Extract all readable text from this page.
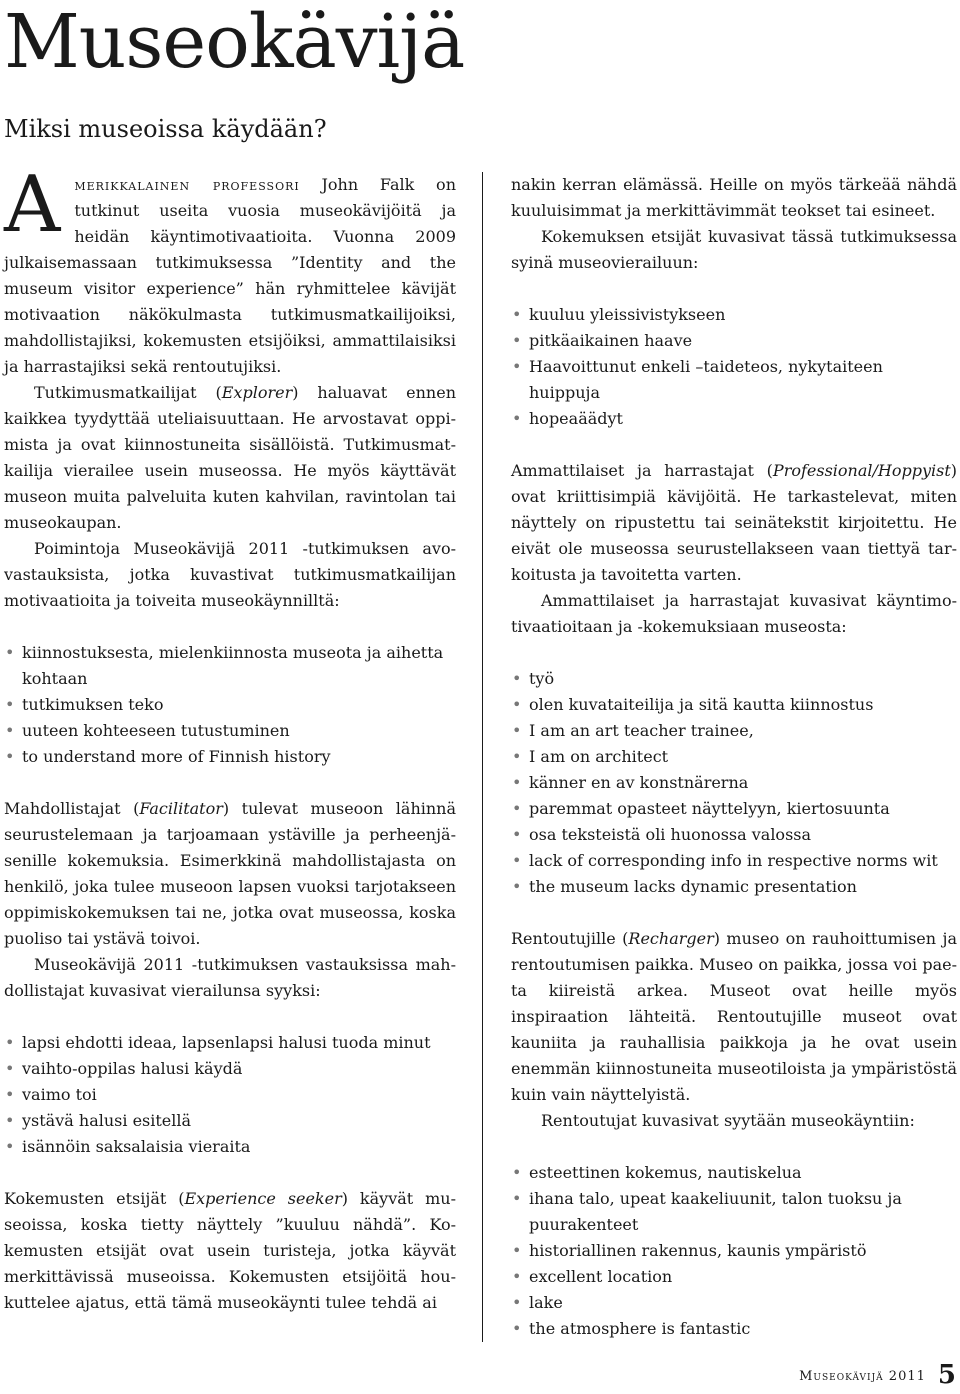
Museokävijä
Miksi museoissa käydään?

Amerikkalainen professori John Falk on tutkinut useita vuosia museokävijöitä ja heidän käyntimotivaatioita. Vuonna 2009 julkaisemassaan tutkimuksessa ”Identity and the museum visitor experience” hän ryhmittelee kävijät motivaation näkökulmasta tutkimusmatkailijoiksi, mahdollistajiksi, kokemusten etsijöiksi, ammattilaisiksi ja harrastajiksi sekä rentoutujiksi.

Tutkimusmatkailijat (Explorer) haluavat ennen kaikkea tyydyttää uteliaisuuttaan. He arvostavat oppimista ja ovat kiinnostuneita sisällöistä. Tutkimusmatkailija vierailee usein museossa. He myös käyttävät museon muita palveluita kuten kahvilan, ravintolan tai museokaupan.

Poimintoja Museokävijä 2011 -tutkimuksen avovastauksista, jotka kuvastivat tutkimusmatkailijan motivaatioita ja toiveita museokäynnilltä:

• kiinnostuksesta, mielenkiinnosta museota ja aihetta kohtaan
• tutkimuksen teko
• uuteen kohteeseen tutustuminen
• to understand more of Finnish history

Mahdollistajat (Facilitator) tulevat museoon lähinnä seurustelemaan ja tarjoamaan ystäville ja perheenjäsenille kokemuksia. Esimerkkinä mahdollistajasta on henkilö, joka tulee museoon lapsen vuoksi tarjotakseen oppimiskokemuksen tai ne, jotka ovat museossa, koska puoliso tai ystävä toivoi.

Museokävijä 2011 -tutkimuksen vastauksissa mahdollistajat kuvasivat vierailunsa syyksi:

• lapsi ehdotti ideaa, lapsenlapsi halusi tuoda minut
• vaihto-oppilas halusi käydä
• vaimo toi
• ystävä halusi esitellä
• isännöin saksalaisia vieraita

Kokemusten etsijät (Experience seeker) käyvät museoissa, koska tietty näyttely ”kuuluu nähdä”. Kokemusten etsijät ovat usein turisteja, jotka käyvät merkittävissä museoissa. Kokemusten etsijöitä houkuttelee ajatus, että tämä museokäynti tulee tehdä ai

nakin kerran elämässä. Heille on myös tärkeää nähdä kuuluisimmat ja merkittävimmät teokset tai esineet.

Kokemuksen etsijät kuvasivat tässä tutkimuksessa syinä museovierailuun:

• kuuluu yleissivistykseen
• pitkäaikainen haave
• Haavoittunut enkeli –taideteos, nykytaiteen huippuja
• hopeaäädyt

Ammattilaiset ja harrastajat (Professional/Hoppyist) ovat kriittisimpiä kävijöitä. He tarkastelevat, miten näyttely on ripustettu tai seinätekstit kirjoitettu. He eivät ole museossa seurustellakseen vaan tiettyä tarkoitusta ja tavoitetta varten.

Ammattilaiset ja harrastajat kuvasivat käyntimotivaatioitaan ja -kokemuksiaan museosta:

• työ
• olen kuvataiteilija ja sitä kautta kiinnostus
• I am an art teacher trainee,
• I am on architect
• känner en av konstnärerna
• paremmat opasteet näyttelyyn, kiertosuunta
• osa teksteistä oli huonossa valossa
• lack of corresponding info in respective norms wit
• the museum lacks dynamic presentation

Rentoutujille (Recharger) museo on rauhoittumisen ja rentoutumisen paikka. Museo on paikka, jossa voi paeta kiireistä arkea. Museot ovat heille myös inspiraation lähteitä. Rentoutujille museot ovat kauniita ja rauhallisia paikkoja ja he ovat usein enemmän kiinnostuneita museotiloista ja ympäristöstä kuin vain näyttelyistä.

Rentoutujat kuvasivat syytään museokäyntiin:

• esteettinen kokemus, nautiskelua
• ihana talo, upeat kaakeliuunit, talon tuoksu ja puurakenteet
• historiallinen rakennus, kaunis ympäristö
• excellent location
• lake
• the atmosphere is fantastic
Museokävijä 2011 5
